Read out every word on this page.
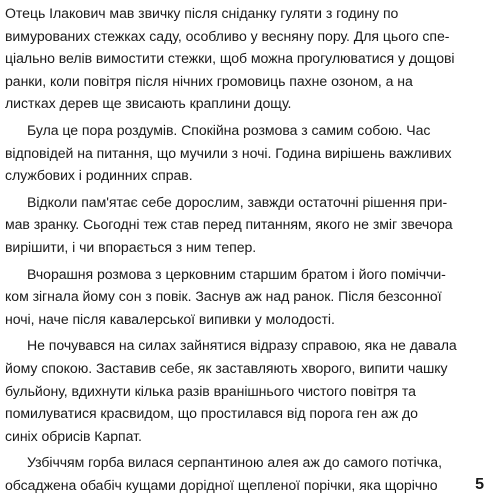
Отець Ілакович мав звичку після сніданку гуляти з годину по
вимурованих стежках саду, особливо у весняну пору. Для цього спе-
ціально велів вимостити стежки, щоб можна прогулюватися у дощові
ранки, коли повітря після нічних громовиць пахне озоном, а на
листках дерев ще звисають краплини дощу.
Була це пора роздумів. Спокійна розмова з самим собою. Час
відповідей на питання, що мучили з ночі. Година вирішень важливих
службових і родинних справ.
Відколи пам'ятає себе дорослим, завжди остаточні рішення при-
мав зранку. Сьогодні теж став перед питанням, якого не зміг звечора
вирішити, і чи впорається з ним тепер.
Вчорашня розмова з церковним старшим братом і його поміччи-
ком зігнала йому сон з повік. Заснув аж над ранок. Після безсонної
ночі, наче після кавалерської випивки у молодості.
Не почувався на силах зайнятися відразу справою, яка не давала
йому спокою. Заставив себе, як заставляють хворого, випити чашку
бульйону, вдихнути кілька разів вранішнього чистого повітря та
помилуватися красвидом, що простилався від порога ген аж до
синіх обрисів Карпат.
Узбіччям горба вилася серпантиною алея аж до самого потічка,
обсаджена обабіч кущами дорідної щепленої порічки, яка щорічно	5
